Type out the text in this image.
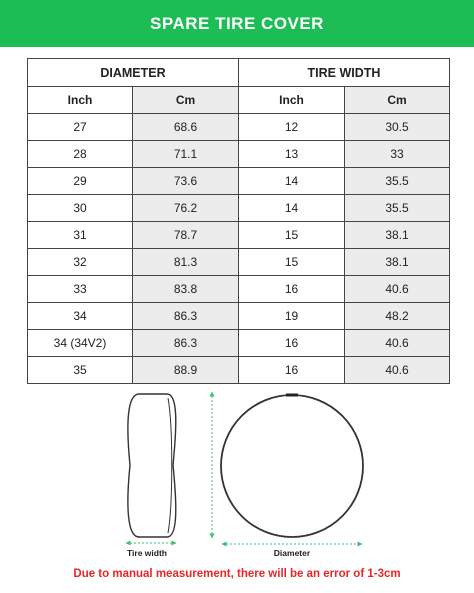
SPARE TIRE COVER
DIAMETER		TIRE WIDTH	
Inch	Cm	Inch	Cm
27	68.6	12	30.5
28	71.1	13	33
29	73.6	14	35.5
30	76.2	14	35.5
31	78.7	15	38.1
32	81.3	15	38.1
33	83.8	16	40.6
34	86.3	19	48.2
34 (34V2)	86.3	16	40.6
35	88.9	16	40.6
Tire width	Diameter
Due to manual measurement, there will be an error of 1-3cm
